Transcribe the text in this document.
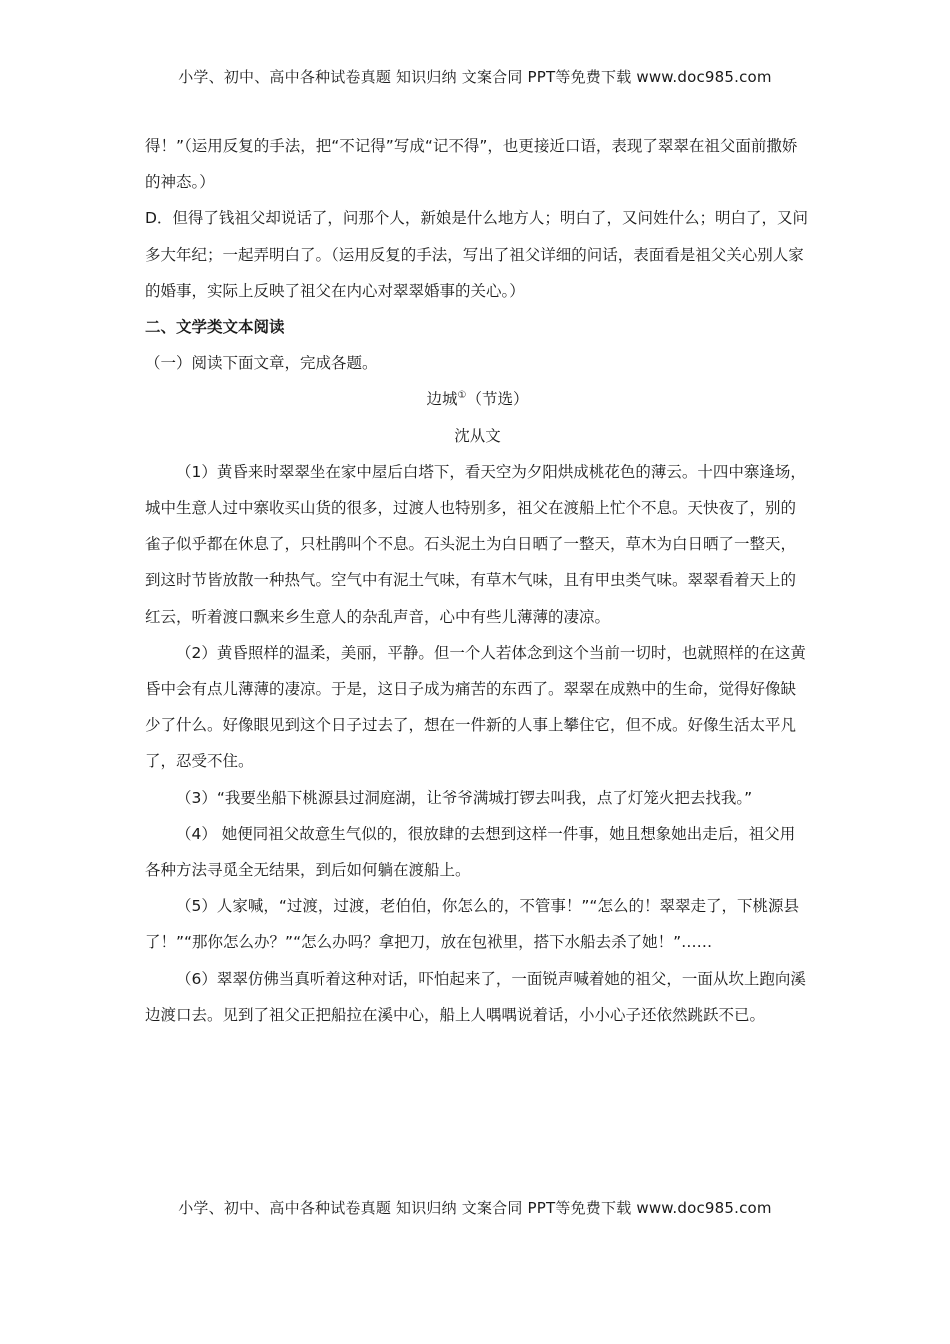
小学、初中、高中各种试卷真题 知识归纳 文案合同 PPT等免费下载 www.doc985.com

得！”（运用反复的手法，把“不记得”写成“记不得”，也更接近口语，表现了翠翠在祖父面前撒娇的神态。）

D．但得了钱祖父却说话了，问那个人，新娘是什么地方人；明白了，又问姓什么；明白了，又问多大年纪；一起弄明白了。（运用反复的手法，写出了祖父详细的问话，表面看是祖父关心别人家的婚事，实际上反映了祖父在内心对翠翠婚事的关心。）

二、文学类文本阅读

（一）阅读下面文章，完成各题。

边城①（节选）

沈从文

（1）黄昏来时翠翠坐在家中屋后白塔下，看天空为夕阳烘成桃花色的薄云。十四中寨逢场，城中生意人过中寨收买山货的很多，过渡人也特别多，祖父在渡船上忙个不息。天快夜了，别的雀子似乎都在休息了，只杜鹃叫个不息。石头泥土为白日晒了一整天，草木为白日晒了一整天，到这时节皆放散一种热气。空气中有泥土气味，有草木气味，且有甲虫类气味。翠翠看着天上的红云，听着渡口飘来乡生意人的杂乱声音，心中有些儿薄薄的凄凉。

（2）黄昏照样的温柔，美丽，平静。但一个人若体念到这个当前一切时，也就照样的在这黄昏中会有点儿薄薄的凄凉。于是，这日子成为痛苦的东西了。翠翠在成熟中的生命，觉得好像缺少了什么。好像眼见到这个日子过去了，想在一件新的人事上攀住它，但不成。好像生活太平凡了，忍受不住。

（3）“我要坐船下桃源县过洞庭湖，让爷爷满城打锣去叫我，点了灯笼火把去找我。”

（4） 她便同祖父故意生气似的，很放肆的去想到这样一件事，她且想象她出走后，祖父用各种方法寻觅全无结果，到后如何躺在渡船上。

（5）人家喊，“过渡，过渡，老伯伯，你怎么的，不管事！”“怎么的！翠翠走了，下桃源县了！”“那你怎么办？”“怎么办吗？拿把刀，放在包袱里，搭下水船去杀了她！”……

（6）翠翠仿佛当真听着这种对话，吓怕起来了，一面锐声喊着她的祖父，一面从坎上跑向溪边渡口去。见到了祖父正把船拉在溪中心，船上人喁喁说着话，小小心子还依然跳跃不已。

小学、初中、高中各种试卷真题 知识归纳 文案合同 PPT等免费下载 www.doc985.com
